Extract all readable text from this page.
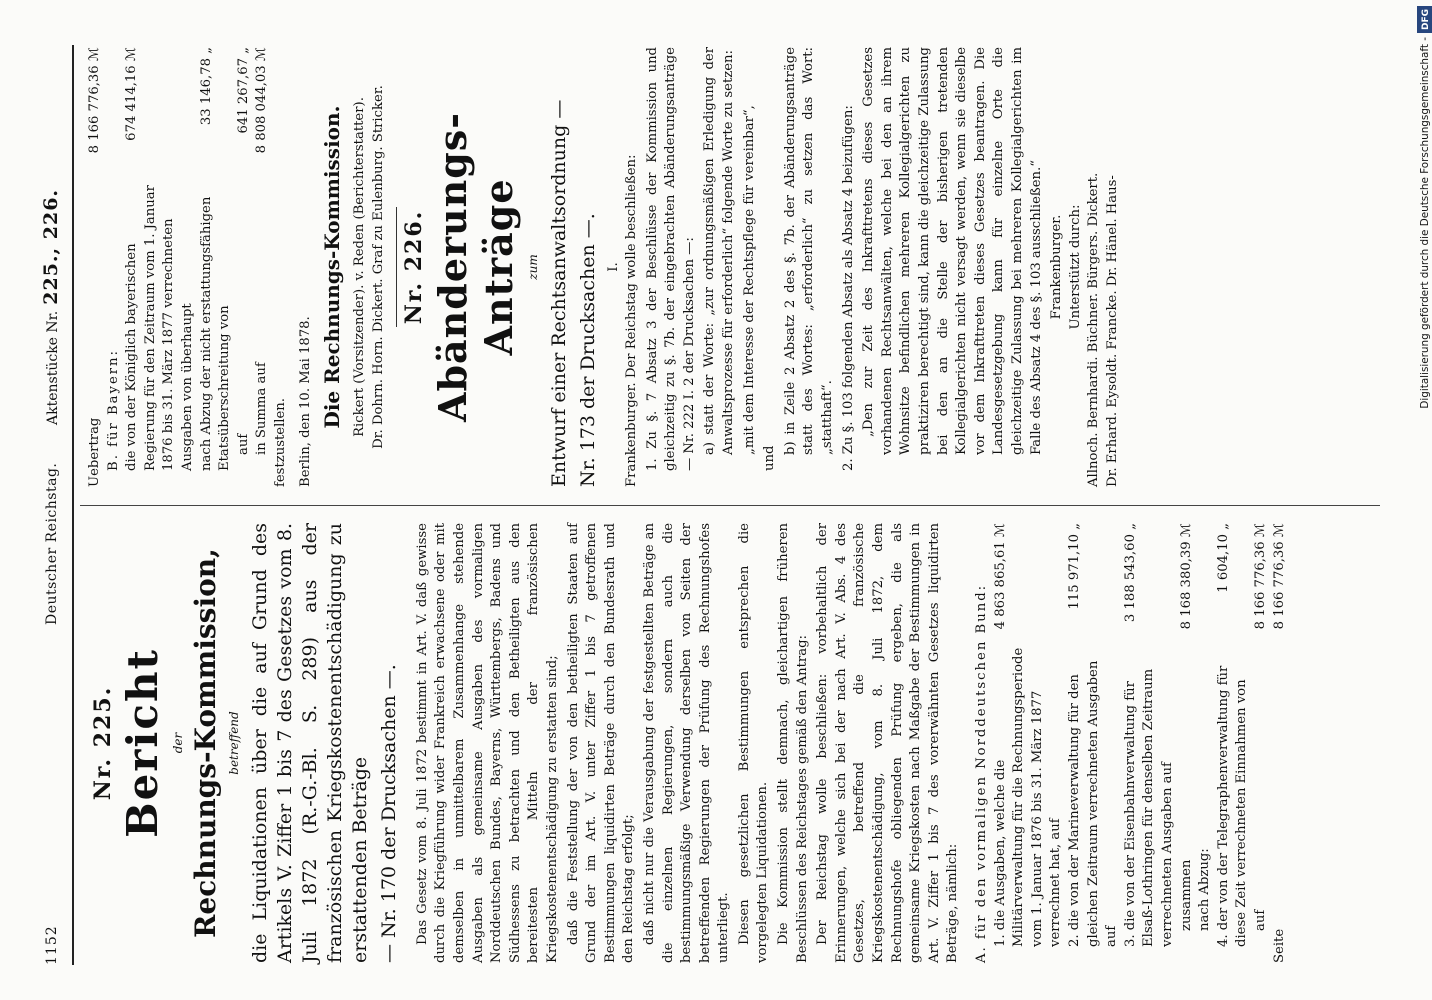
1152
Deutscher Reichstag.
Aktenstücke Nr.225., 226.
Nr. 225. Bericht der Rechnungs-Kommission, betreffend die Liquidationen über die auf Grund des Artikels V. Ziffer 1 bis 7 des Gesetzes vom 8. Juli 1872 (R.-G.-Bl. S. 289) aus der französischen Kriegskostenentschädigung zu erstattenden Beträge — Nr. 170 der Drucksachen —. Das Gesetz vom 8. Juli 1872 bestimmt in Art. V. daß gewisse durch die Kriegführung wider Frankreich erwachsene oder mit demselben in unmittelbarem Zusammenhange stehende Ausgaben als gemeinsame Ausgaben des vormaligen Norddeutschen Bundes, Bayerns, Württembergs, Badens und Südhessens zu betrachten und den Betheiligten aus den bereitesten Mitteln der französischen Kriegskostenentschädigung zu erstatten sind; daß die Feststellung der von den betheiligten Staaten auf Grund der im Art. V. unter Ziffer 1 bis 7 getroffenen Bestimmungen liquidirten Beträge durch den Bundesrath und den Reichstag erfolgt; daß nicht nur die Verausgabung der festgestellten Beträge an die einzelnen Regierungen, sondern auch die bestimmungsmäßige Verwendung derselben von Seiten der betreffenden Regierungen der Prüfung des Rechnungshofes unterliegt. Diesen gesetzlichen Bestimmungen entsprechen die vorgelegten Liquidationen. Die Kommission stellt demnach, gleichartigen früheren Beschlüssen des Reichstages gemäß den Antrag: Der Reichstag wolle beschließen: vorbehaltlich der Erinnerungen, welche sich bei der nach Art. V. Abs. 4 des Gesetzes, betreffend die französische Kriegskostenentschädigung, vom 8. Juli 1872, dem Rechnungshofe obliegenden Prüfung ergeben, die als gemeinsame Kriegskosten nach Maßgabe der Bestimmungen in Art. V. Ziffer 1 bis 7 des vorerwähnten Gesetzes liquidirten Beträge, nämlich: A. für den vormaligen Norddeutschen Bund: 1. die Ausgaben, welche die Militärverwaltung für die Rechnungsperiode vom 1. Januar 1876 bis 31. März 1877 verrechnet hat, auf
4 863 865,61 ℳ
2. die von der Marineverwaltung für den gleichen Zeitraum verrechneten Ausgaben auf
115 971,10 „
3. die von der Eisenbahnverwaltung für Elsaß-Lothringen für denselben Zeitraum verrechneten Ausgaben auf
3 188 543,60 „
zusammen
8 168 380,39 ℳ
nach Abzug: 4. der von der Telegraphenverwaltung für diese Zeit verrechneten Einnahmen von
1 604,10 „
auf
8 166 776,36 ℳ
Seite
8 166 776,36 ℳ
Uebertrag
8 166 776,36 ℳ
B. für Bayern: die von der Königlich bayerischen Regierung für den Zeitraum vom 1. Januar 1876 bis 31. März 1877 verrechneten Ausgaben von überhaupt
674 414,16 ℳ
nach Abzug der nicht erstattungsfähigen Etatsüberschreitung von
33 146,78 „
auf
641 267,67 „
in Summa auf
8 808 044,03 ℳ
festzustellen. Berlin, den 10. Mai 1878. Die Rechnungs-Kommission. Rickert (Vorsitzender). v. Reden (Berichterstatter). Dr. Dohrn. Horn. Dickert. Graf zu Eulenburg. Stricker. Nr. 226. Abänderungs-Anträge zum Entwurf einer Rechtsanwaltsordnung — Nr. 173 der Drucksachen —. I. Frankenburger. Der Reichstag wolle beschließen: 1. Zu §. 7 Absatz 3 der Beschlüsse der Kommission und gleichzeitig zu §. 7b. der eingebrachten Abänderungsanträge — Nr. 222 I. 2 der Drucksachen —: a) statt der Worte: „zur ordnungsmäßigen Erledigung der Anwaltsprozesse für erforderlich“ folgende Worte zu setzen: „mit dem Interesse der Rechtspflege für vereinbar“,

und

b) in Zeile 2 Absatz 2 des §. 7b. der Abänderungsanträge statt des Wortes: „erforderlich“ zu setzen das Wort: „statthaft“. 2. Zu §. 103 folgenden Absatz als Absatz 4 beizufügen: „Den zur Zeit des Inkrafttretens dieses Gesetzes vorhandenen Rechtsanwälten, welche bei den an ihrem Wohnsitze befindlichen mehreren Kollegialgerichten zu praktiziren berechtigt sind, kann die gleichzeitige Zulassung bei den an die Stelle der bisherigen tretenden Kollegialgerichten nicht versagt werden, wenn sie dieselbe vor dem Inkrafttreten dieses Gesetzes beantragen. Die Landesgesetzgebung kann für einzelne Orte die gleichzeitige Zulassung bei mehreren Kollegialgerichten im Falle des Absatz 4 des §. 103 ausschließen.“ Frankenburger. Unterstützt durch: Allnoch. Bernhardi. Büchner. Bürgers. Dickert. Dr. Erhard. Eysoldt. Francke. Dr. Hänel. Haus-	Digitalisierung gefördert durch die Deutsche Forschungsgemeinschaft -DFG
